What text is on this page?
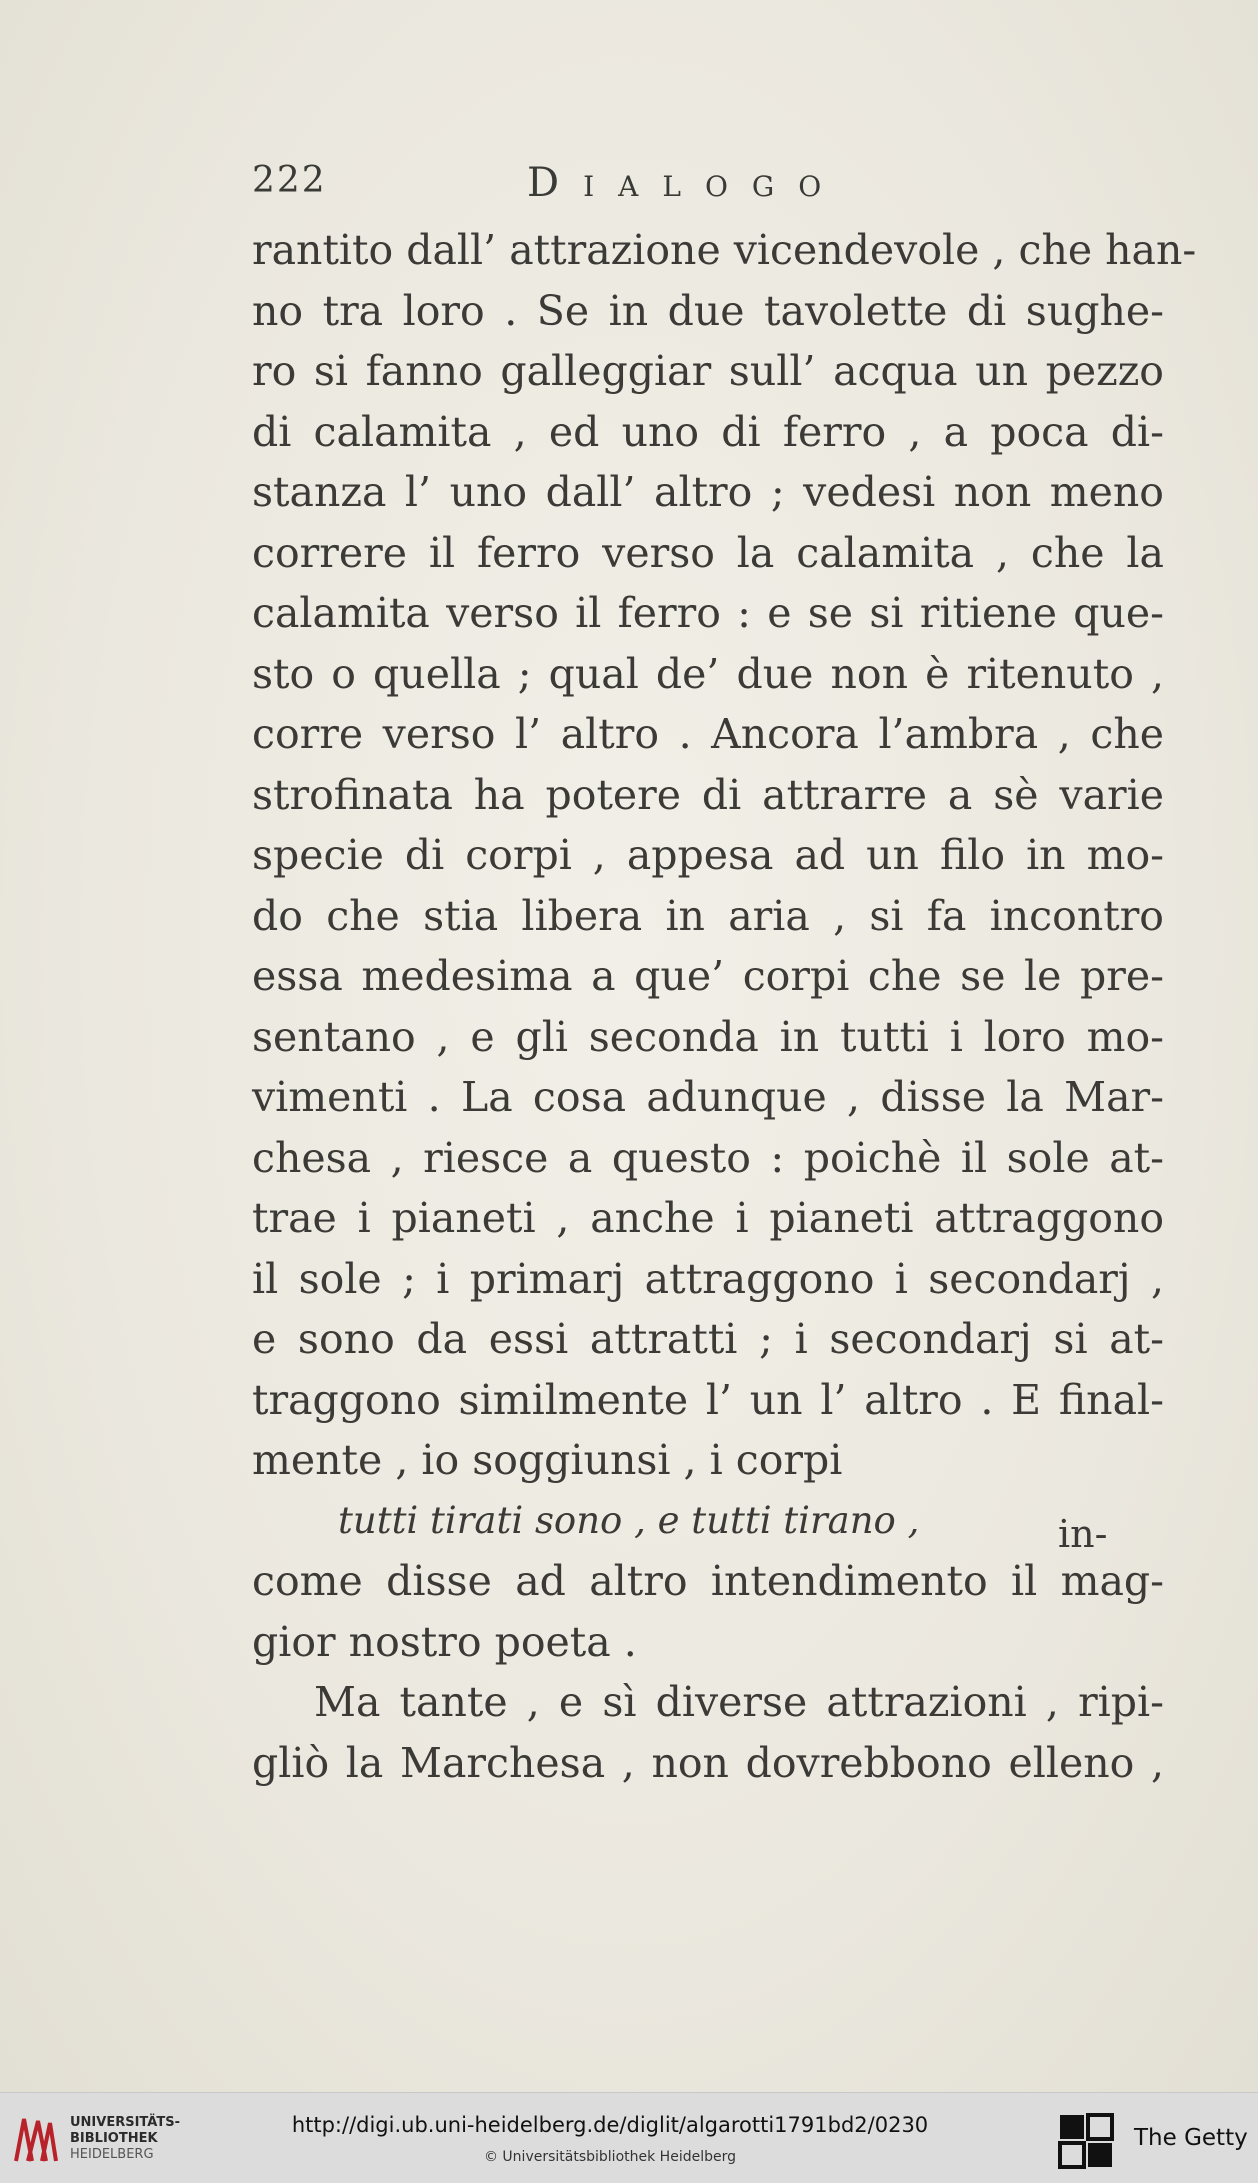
222	Dialogo
rantito dall’ attrazione vicendevole , che han-
no tra loro . Se in due tavolette di sughe-
ro si fanno galleggiar sull’ acqua un pezzo
di calamita , ed uno di ferro , a poca di-
stanza l’ uno dall’ altro ; vedesi non meno
correre il ferro verso la calamita , che la
calamita verso il ferro : e se si ritiene que-
sto o quella ; qual de’ due non è ritenuto ,
corre verso l’ altro . Ancora l’ambra , che
strofinata ha potere di attrarre a sè varie
specie di corpi , appesa ad un filo in mo-
do che stia libera in aria , si fa incontro
essa medesima a que’ corpi che se le pre-
sentano , e gli seconda in tutti i loro mo-
vimenti . La cosa adunque , disse la Mar-
chesa , riesce a questo : poichè il sole at-
trae i pianeti , anche i pianeti attraggono
il sole ; i primarj attraggono i secondarj ,
e sono da essi attratti ; i secondarj si at-
traggono similmente l’ un l’ altro . E final-
mente , io soggiunsi , i corpi
tutti tirati sono , e tutti tirano ,
come disse ad altro intendimento il mag-
gior nostro poeta .
Ma tante , e sì diverse attrazioni , ripi-
gliò la Marchesa , non dovrebbono elleno ,
in-
UNIVERSITÄTS-
BIBLIOTHEK
HEIDELBERG
http://digi.ub.uni-heidelberg.de/diglit/algarotti1791bd2/0230
© Universitätsbibliothek Heidelberg
The Getty
